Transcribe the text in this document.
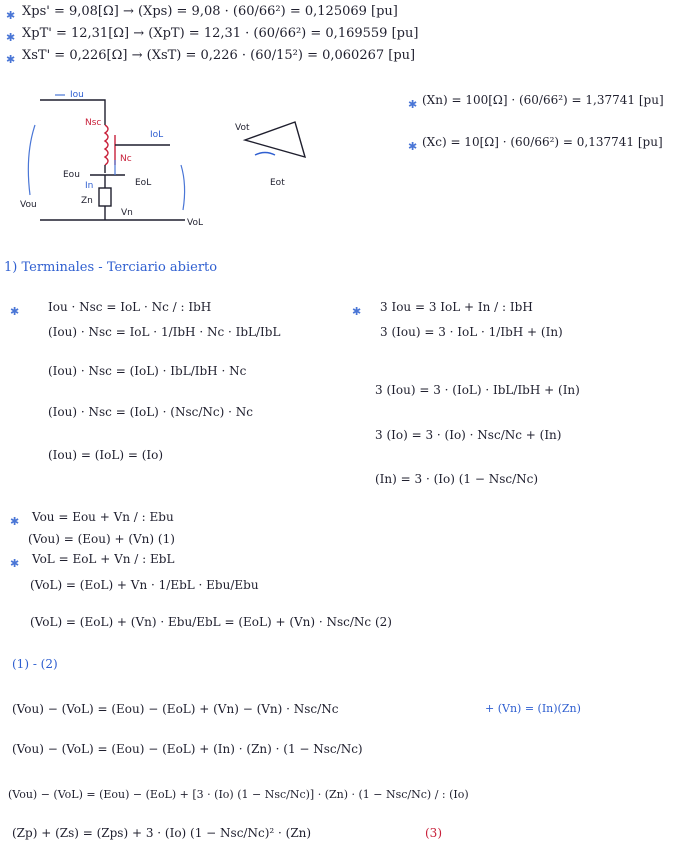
✱ Xps' = 9,08[Ω] → (Xps) = 9,08 · (60/66²) = 0,125069 [pu]
✱ XpT' = 12,31[Ω] → (XpT) = 12,31 · (60/66²) = 0,169559 [pu]
✱ XsT' = 0,226[Ω] → (XsT) = 0,226 · (60/15²) = 0,060267 [pu]
Iou
IoL
Nsc
Nc
Eou
EoL
In
Zn
Vn
Vou
VoL
Vot
Eot
✱ (Xn) = 100[Ω] · (60/66²) = 1,37741 [pu]
✱ (Xc) = 10[Ω] · (60/66²) = 0,137741 [pu]
1) Terminales - Terciario abierto
✱ Iou · Nsc = IoL · Nc / : IbH
(Iou) · Nsc = IoL · 1/IbH · Nc · IbL/IbL
(Iou) · Nsc = (IoL) · IbL/IbH · Nc
(Iou) · Nsc = (IoL) · (Nsc/Nc) · Nc
(Iou) = (IoL) = (Io)
✱ 3 Iou = 3 IoL + In / : IbH
3 (Iou) = 3 · IoL · 1/IbH + (In)
3 (Iou) = 3 · (IoL) · IbL/IbH + (In)
3 (Io) = 3 · (Io) · Nsc/Nc + (In)
(In) = 3 · (Io) (1 − Nsc/Nc)
✱ Vou = Eou + Vn / : Ebu
(Vou) = (Eou) + (Vn) (1)
✱ VoL = EoL + Vn / : EbL
(VoL) = (EoL) + Vn · 1/EbL · Ebu/Ebu
(VoL) = (EoL) + (Vn) · Ebu/EbL = (EoL) + (Vn) · Nsc/Nc (2)
(1) - (2)
(Vou) − (VoL) = (Eou) − (EoL) + (Vn) − (Vn) · Nsc/Nc	+ (Vn) = (In)(Zn)
(Vou) − (VoL) = (Eou) − (EoL) + (In) · (Zn) · (1 − Nsc/Nc)
(Vou) − (VoL) = (Eou) − (EoL) + [3 · (Io) (1 − Nsc/Nc)] · (Zn) · (1 − Nsc/Nc) / : (Io)
(Zp) + (Zs) = (Zps) + 3 · (Io) (1 − Nsc/Nc)² · (Zn)	(3)
